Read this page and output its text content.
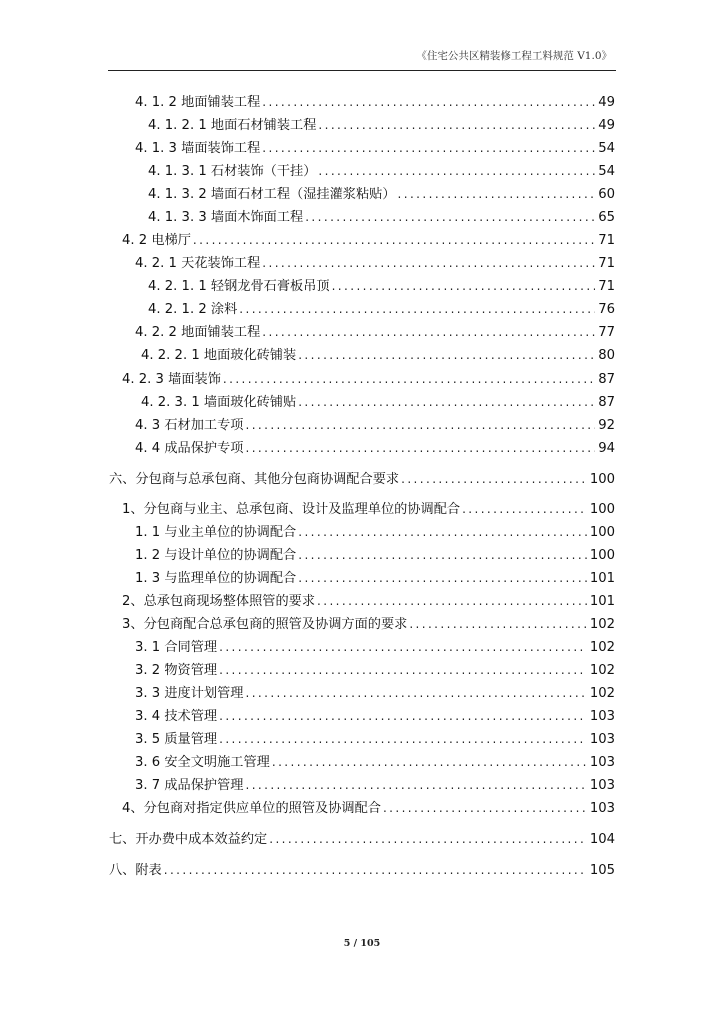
《住宅公共区精装修工程工料规范 V1.0》
4. 1. 2 地面铺装工程 .....	49
4. 1. 2. 1 地面石材铺装工程 .....	49
4. 1. 3 墙面装饰工程 .....	54
4. 1. 3. 1 石材装饰（干挂） .....	54
4. 1. 3. 2 墙面石材工程（湿挂灌浆粘贴） .....	60
4. 1. 3. 3 墙面木饰面工程 .....	65
4. 2 电梯厅 .....	71
4. 2. 1 天花装饰工程 .....	71
4. 2. 1. 1 轻钢龙骨石膏板吊顶 .....	71
4. 2. 1. 2 涂料 .....	76
4. 2. 2 地面铺装工程 .....	77
4. 2. 2. 1 地面玻化砖铺装 .....	80
4. 2. 3 墙面装饰 .....	87
4. 2. 3. 1 墙面玻化砖铺贴 .....	87
4. 3 石材加工专项 .....	92
4. 4 成品保护专项 .....	94
六、分包商与总承包商、其他分包商协调配合要求 .....	100
1、分包商与业主、总承包商、设计及监理单位的协调配合 .....	100
1. 1 与业主单位的协调配合 .....	100
1. 2 与设计单位的协调配合 .....	100
1. 3 与监理单位的协调配合 .....	101
2、总承包商现场整体照管的要求 .....	101
3、分包商配合总承包商的照管及协调方面的要求 .....	102
3. 1 合同管理 .....	102
3. 2 物资管理 .....	102
3. 3 进度计划管理 .....	102
3. 4 技术管理 .....	103
3. 5 质量管理 .....	103
3. 6 安全文明施工管理 .....	103
3. 7 成品保护管理 .....	103
4、分包商对指定供应单位的照管及协调配合 .....	103
七、开办费中成本效益约定 .....	104
八、附表 .....	105
5 / 105
